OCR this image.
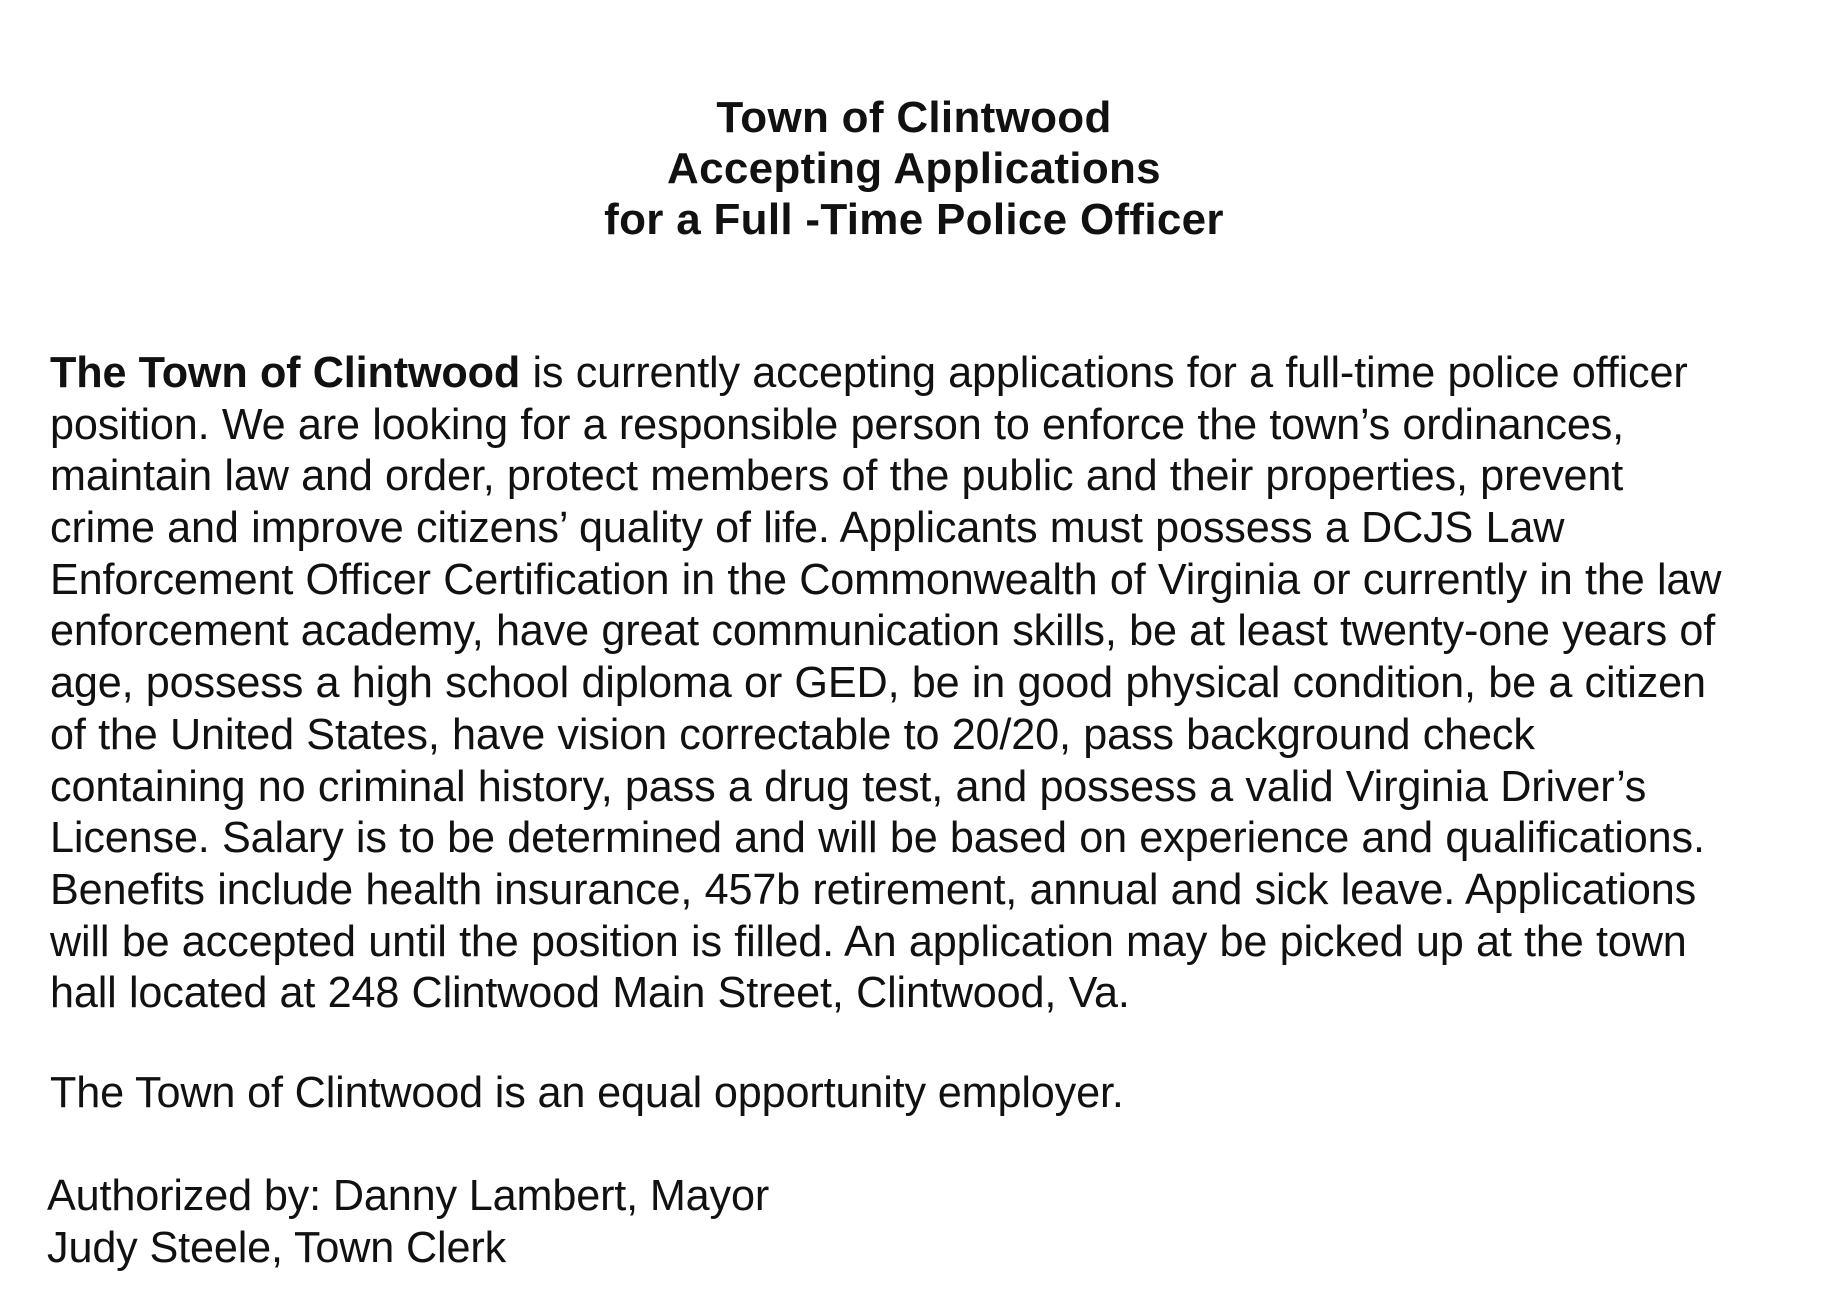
Town of Clintwood
Accepting Applications
for a Full -Time Police Officer
The Town of Clintwood is currently accepting applications for a full-time police officer
position. We are looking for a responsible person to enforce the town’s ordinances,
maintain law and order, protect members of the public and their properties, prevent
crime and improve citizens’ quality of life. Applicants must possess a DCJS Law
Enforcement Officer Certification in the Commonwealth of Virginia or currently in the law
enforcement academy, have great communication skills, be at least twenty-one years of
age, possess a high school diploma or GED, be in good physical condition, be a citizen
of the United States, have vision correctable to 20/20, pass background check
containing no criminal history, pass a drug test, and possess a valid Virginia Driver’s
License. Salary is to be determined and will be based on experience and qualifications.
Benefits include health insurance, 457b retirement, annual and sick leave. Applications
will be accepted until the position is filled. An application may be picked up at the town
hall located at 248 Clintwood Main Street, Clintwood, Va.
The Town of Clintwood is an equal opportunity employer.
Authorized by: Danny Lambert, Mayor
Judy Steele, Town Clerk
